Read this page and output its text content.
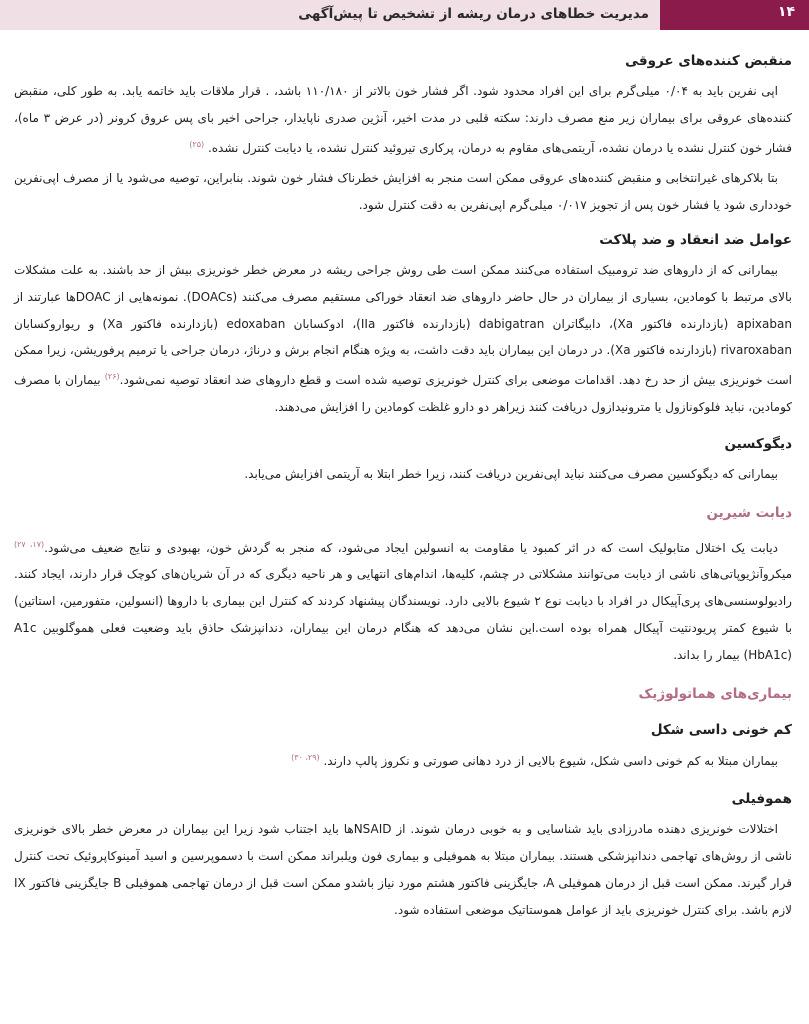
۱۴
مدیریت خطاهای درمان ریشه از تشخیص تا پیش‌آگهی
منقبض کننده‌های عروقی

اپی نفرین باید به ۰/۰۴ میلی‌گرم برای این افراد محدود شود. اگر فشار خون بالاتر از ۱۱۰/۱۸۰ باشد، . قرار ملاقات باید خاتمه یابد. به طور کلی، منقبض کننده‌های عروقی برای بیماران زیر منع مصرف دارند: سکته قلبی در مدت اخیر، آنژین صدری ناپایدار، جراحی اخیر بای پس عروق کرونر (در عرض ۳ ماه)، فشار خون کنترل نشده یا درمان نشده، آریتمی‌های مقاوم به درمان، پرکاری تیروئید کنترل نشده، یا دیابت کنترل نشده. $^{(۲۵)}$

بتا بلاکرهای غیرانتخابی و منقبض کننده‌های عروقی ممکن است منجر به افزایش خطرناک فشار خون شوند. بنابراین، توصیه می‌شود یا از مصرف اپی‌نفرین خودداری شود یا فشار خون پس از تجویز ۰/۰۱۷ میلی‌گرم اپی‌نفرین به دقت کنترل شود.

عوامل ضد انعقاد و ضد پلاکت

بیمارانی که از داروهای ضد ترومبیک استفاده می‌کنند ممکن است طی روش جراحی ریشه در معرض خطر خونریزی بیش از حد باشند. به علت مشکلات بالای مرتبط با کومادین، بسیاری از بیماران در حال حاضر داروهای ضد انعقاد خوراکی مستقیم مصرف می‌کنند (DOACs). نمونه‌هایی از DOACها عبارتند از apixaban (بازدارنده فاکتور Xa)، دابیگاتران dabigatran (بازدارنده فاکتور IIa)، ادوکسابان edoxaban (بازدارنده فاکتور Xa) و ریواروکسابان rivaroxaban (بازدارنده فاکتور Xa). در درمان این بیماران باید دقت داشت، به ویژه هنگام انجام برش و درناژ، درمان جراحی یا ترمیم پرفوریشن، زیرا ممکن است خونریزی بیش از حد رخ دهد. اقدامات موضعی برای کنترل خونریزی توصیه شده است و قطع داروهای ضد انعقاد توصیه نمی‌شود.$^{(۲۶)}$ بیماران با مصرف کومادین، نباید فلوکونازول یا مترونیدازول دریافت کنند زیراهر دو دارو غلظت کومادین را افزایش می‌دهند.

دیگوکسین

بیمارانی که دیگوکسین مصرف می‌کنند نباید اپی‌نفرین دریافت کنند، زیرا خطر ابتلا به آریتمی افزایش می‌یابد.

دیابت شیرین

دیابت یک اختلال متابولیک است که در اثر کمبود یا مقاومت به انسولین ایجاد می‌شود، که منجر به گردش خون، بهبودی و نتایج ضعیف می‌شود.$^{(۱۷، ۲۷)}$ میکروآنژیوپاتی‌های ناشی از دیابت می‌توانند مشکلاتی در چشم، کلیه‌ها، اندام‌های انتهایی و هر ناحیه دیگری که در آن شریان‌های کوچک قرار دارند، ایجاد کنند. رادیولوسنسی‌های پری‌آپیکال در افراد با دیابت نوع ۲ شیوع بالایی دارد. نویسندگان پیشنهاد کردند که کنترل این بیماری با داروها (انسولین، متفورمین، استاتین) با شیوع کمتر پریودنتیت آپیکال همراه بوده است.این نشان می‌دهد که هنگام درمان این بیماران، دندانپزشک حاذق باید وضعیت فعلی هموگلوبین A1c (HbA1c) بیمار را بداند.

بیماری‌های هماتولوژیک
کم خونی داسی شکل

بیماران مبتلا به کم خونی داسی شکل، شیوع بالایی از درد دهانی صورتی و نکروز پالپ دارند. $^{(۲۹، ۳۰)}$

هموفیلی

اختلالات خونریزی دهنده مادرزادی باید شناسایی و به خوبی درمان شوند. از NSAIDها باید اجتناب شود زیرا این بیماران در معرض خطر بالای خونریزی ناشی از روش‌های تهاجمی دندانپزشکی هستند. بیماران مبتلا به هموفیلی و بیماری فون ویلبراند ممکن است با دسموپرسین و اسید آمینوکاپروئیک تحت کنترل قرار گیرند. ممکن است قبل از درمان هموفیلی A، جایگزینی فاکتور هشتم مورد نیاز باشدو ممکن است قبل از درمان تهاجمی هموفیلی B جایگزینی فاکتور IX لازم باشد. برای کنترل خونریزی باید از عوامل هموستاتیک موضعی استفاده شود.
